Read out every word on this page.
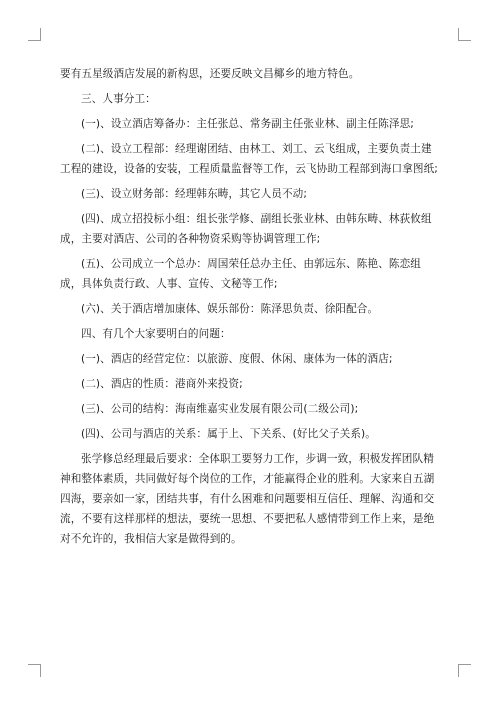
要有五星级酒店发展的新构思，还要反映文昌椰乡的地方特色。

三、人事分工：

(一)、设立酒店筹备办：主任张总、常务副主任张业林、副主任陈泽思;

(二)、设立工程部：经理谢团结、由林工、刘工、云飞组成，主要负责土建工程的建设，设备的安装，工程质量监督等工作，云飞协助工程部到海口拿图纸;

(三)、设立财务部：经理韩东畴，其它人员不动;

(四)、成立招投标小组：组长张学修、副组长张业林、由韩东畴、林荻攸组成，主要对酒店、公司的各种物资采购等协调管理工作;

(五)、公司成立一个总办：周国荣任总办主任、由郭远东、陈艳、陈恋组成，具体负责行政、人事、宣传、文秘等工作;

(六)、关于酒店增加康体、娱乐部份：陈泽思负责、徐阳配合。

四、有几个大家要明白的问题：

(一)、酒店的经营定位：以旅游、度假、休闲、康体为一体的酒店;

(二)、酒店的性质：港商外来投资;

(三)、公司的结构：海南维嘉实业发展有限公司(二级公司);

(四)、公司与酒店的关系：属于上、下关系、(好比父子关系)。

张学修总经理最后要求：全体职工要努力工作，步调一致，积极发挥团队精神和整体素质，共同做好每个岗位的工作，才能赢得企业的胜利。大家来自五湖四海，要亲如一家，团结共事，有什么困难和问题要相互信任、理解、沟通和交流，不要有这样那样的想法，要统一思想、不要把私人感情带到工作上来，是绝对不允许的，我相信大家是做得到的。
